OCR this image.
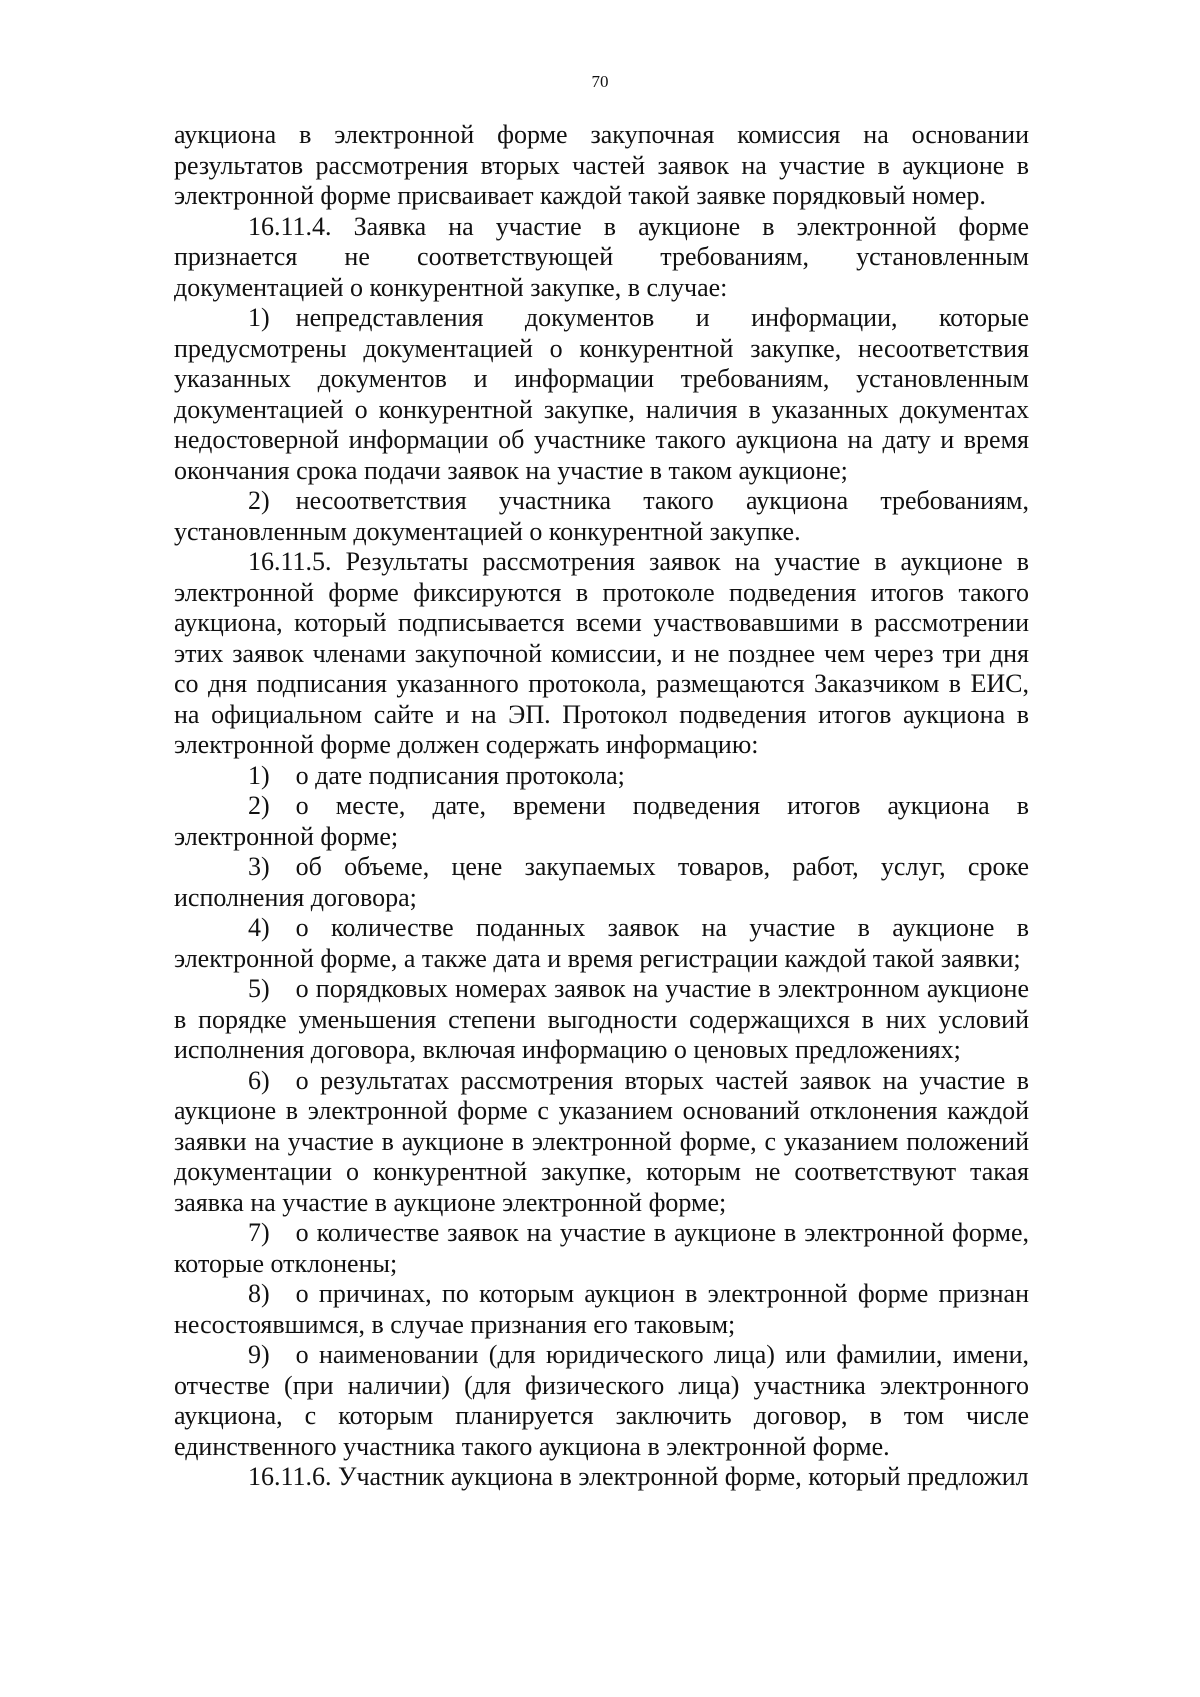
70

аукциона в электронной форме закупочная комиссия на основании результатов рассмотрения вторых частей заявок на участие в аукционе в электронной форме присваивает каждой такой заявке порядковый номер.

16.11.4. Заявка на участие в аукционе в электронной форме признается не соответствующей требованиям, установленным документацией о конкурентной закупке, в случае:

1) непредставления документов и информации, которые предусмотрены документацией о конкурентной закупке, несоответствия указанных документов и информации требованиям, установленным документацией о конкурентной закупке, наличия в указанных документах недостоверной информации об участнике такого аукциона на дату и время окончания срока подачи заявок на участие в таком аукционе;

2) несоответствия участника такого аукциона требованиям, установленным документацией о конкурентной закупке.

16.11.5. Результаты рассмотрения заявок на участие в аукционе в электронной форме фиксируются в протоколе подведения итогов такого аукциона, который подписывается всеми участвовавшими в рассмотрении этих заявок членами закупочной комиссии, и не позднее чем через три дня со дня подписания указанного протокола, размещаются Заказчиком в ЕИС, на официальном сайте и на ЭП. Протокол подведения итогов аукциона в электронной форме должен содержать информацию:

1) о дате подписания протокола;

2) о месте, дате, времени подведения итогов аукциона в электронной форме;

3) об объеме, цене закупаемых товаров, работ, услуг, сроке исполнения договора;

4) о количестве поданных заявок на участие в аукционе в электронной форме, а также дата и время регистрации каждой такой заявки;

5) о порядковых номерах заявок на участие в электронном аукционе в порядке уменьшения степени выгодности содержащихся в них условий исполнения договора, включая информацию о ценовых предложениях;

6) о результатах рассмотрения вторых частей заявок на участие в аукционе в электронной форме с указанием оснований отклонения каждой заявки на участие в аукционе в электронной форме, с указанием положений документации о конкурентной закупке, которым не соответствуют такая заявка на участие в аукционе электронной форме;

7) о количестве заявок на участие в аукционе в электронной форме, которые отклонены;

8) о причинах, по которым аукцион в электронной форме признан несостоявшимся, в случае признания его таковым;

9) о наименовании (для юридического лица) или фамилии, имени, отчестве (при наличии) (для физического лица) участника электронного аукциона, с которым планируется заключить договор, в том числе единственного участника такого аукциона в электронной форме.

16.11.6. Участник аукциона в электронной форме, который предложил
